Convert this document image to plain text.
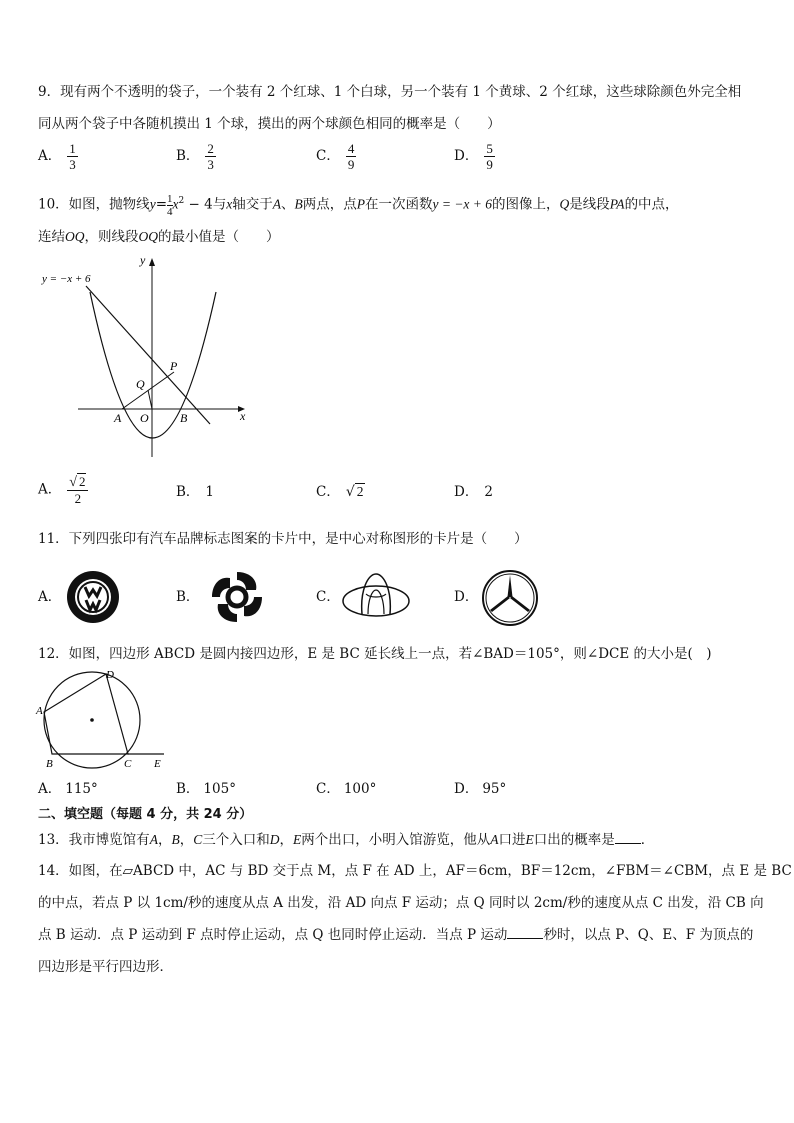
9．现有两个不透明的袋子，一个装有 2 个红球、1 个白球，另一个装有 1 个黄球、2 个红球，这些球除颜色外完全相
同从两个袋子中各随机摸出 1 个球，摸出的两个球颜色相同的概率是（　　）
A． $\frac{1}{3}$	B． $\frac{2}{3}$	C． $\frac{4}{9}$	D． $\frac{5}{9}$
10．如图，抛物线$y= \frac{1}{4} x^2 - 4$与x轴交于A、B两点，点P在一次函数y = −x + 6的图像上，Q是线段PA的中点，
连结OQ，则线段OQ的最小值是（　　）
y = −x + 6
y
x
P
Q
A O	B
A． $\frac{√ 2}{2}$	B． 1	C． √ 2	D． 2
11．下列四张印有汽车品牌标志图案的卡片中，是中心对称图形的卡片是（　　）
A．	B．	C．	D．
12．如图，四边形 ABCD 是圆内接四边形，E 是 BC 延长线上一点，若∠BAD＝105°，则∠DCE 的大小是(　)
A
B	C
D
E
A． 115°	B． 105°	C． 100°	D． 95°
二、填空题（每题 4 分，共 24 分）
13．我市博览馆有A，B，C三个入口和D，E两个出口，小明入馆游览，他从A口进E口出的概率是 ．
14．如图，在▱ABCD 中，AC 与 BD 交于点 M，点 F 在 AD 上，AF＝6cm，BF＝12cm，∠FBM＝∠CBM，点 E 是 BC
的中点，若点 P 以 1cm/秒的速度从点 A 出发，沿 AD 向点 F 运动；点 Q 同时以 2cm/秒的速度从点 C 出发，沿 CB 向
点 B 运动．点 P 运动到 F 点时停止运动，点 Q 也同时停止运动．当点 P 运动	秒时，以点 P、Q、E、F 为顶点的
四边形是平行四边形．
